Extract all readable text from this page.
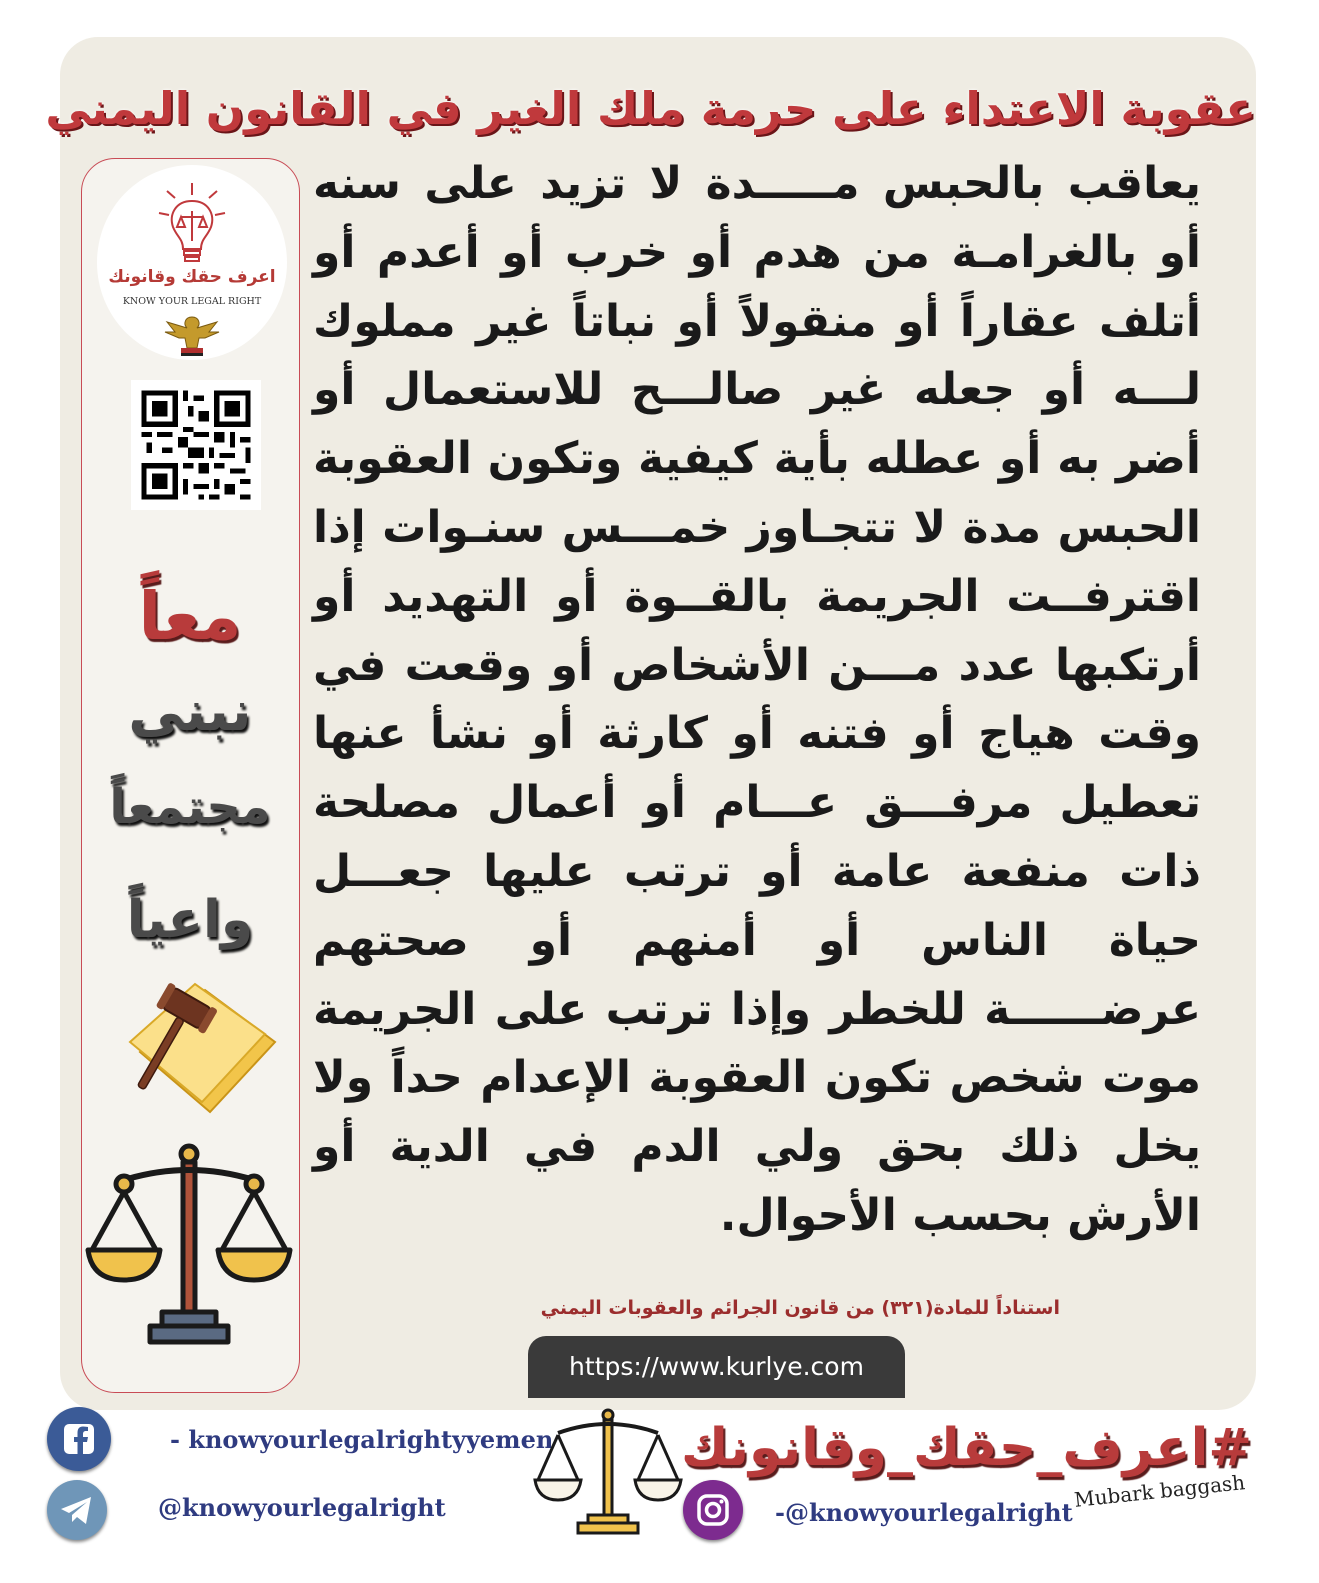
عقوبة الاعتداء على حرمة ملك الغير في القانون اليمني
اعرف حقك وقانونك
KNOW YOUR LEGAL RIGHT
معاً
نبني
مجتمعاً
واعياً

يعاقب بالحبس مـــــدة لا تزيد على سنه أو بالغرامـة من هدم أو خرب أو أعدم أو أتلف عقاراً أو منقولاً أو نباتاً غير مملوك لـــه أو جعله غير صالـــح للاستعمال أو أضر به أو عطله بأية كيفية وتكون العقوبة الحبس مدة لا تتجـاوز خمـــس سنـوات إذا اقترفــت الجريمة بالقــوة أو التهديد أو أرتكبها عدد مـــن الأشخاص أو وقعت في وقت هياج أو فتنه أو كارثة أو نشأ عنها تعطيل مرفـــق عـــام أو أعمال مصلحة ذات منفعة عامة أو ترتب عليها جعـــل حياة الناس أو أمنهم أو صحتهم عرضــــــة للخطر وإذا ترتب على الجريمة موت شخص تكون العقوبة الإعدام حداً ولا يخل ذلك بحق ولي الدم في الدية أو الأرش بحسب الأحوال.

استناداً للمادة(٣٢١) من قانون الجرائم والعقوبات اليمني
https://www.kurlye.com
- knowyourlegalrightyyemen
@knowyourlegalright
#اعرف_حقك_وقانونك
-@knowyourlegalright
Mubark baggash
